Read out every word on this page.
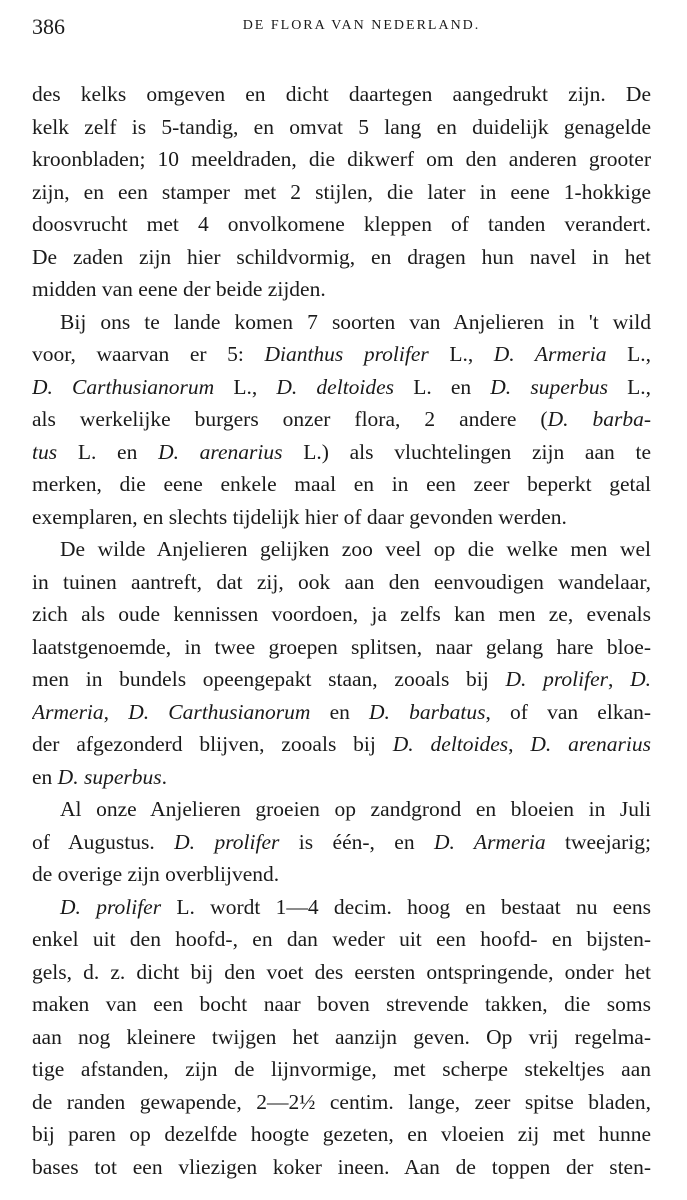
386	DE FLORA VAN NEDERLAND.
des kelks omgeven en dicht daartegen aangedrukt zijn. De
kelk zelf is 5-tandig, en omvat 5 lang en duidelijk genagelde
kroonbladen; 10 meeldraden, die dikwerf om den anderen grooter
zijn, en een stamper met 2 stijlen, die later in eene 1-hokkige
doosvrucht met 4 onvolkomene kleppen of tanden verandert.
De zaden zijn hier schildvormig, en dragen hun navel in het
midden van eene der beide zijden.
Bij ons te lande komen 7 soorten van Anjelieren in 't wild
voor, waarvan er 5: Dianthus prolifer L., D. Armeria L.,
D. Carthusianorum L., D. deltoides L. en D. superbus L.,
als werkelijke burgers onzer flora, 2 andere (D. barba-
tus L. en D. arenarius L.) als vluchtelingen zijn aan te
merken, die eene enkele maal en in een zeer beperkt getal
exemplaren, en slechts tijdelijk hier of daar gevonden werden.
De wilde Anjelieren gelijken zoo veel op die welke men wel
in tuinen aantreft, dat zij, ook aan den eenvoudigen wandelaar,
zich als oude kennissen voordoen, ja zelfs kan men ze, evenals
laatstgenoemde, in twee groepen splitsen, naar gelang hare bloe-
men in bundels opeengepakt staan, zooals bij D. prolifer, D.
Armeria, D. Carthusianorum en D. barbatus, of van elkan-
der afgezonderd blijven, zooals bij D. deltoides, D. arenarius
en D. superbus.
Al onze Anjelieren groeien op zandgrond en bloeien in Juli
of Augustus. D. prolifer is één-, en D. Armeria tweejarig;
de overige zijn overblijvend.
D. prolifer L. wordt 1—4 decim. hoog en bestaat nu eens
enkel uit den hoofd-, en dan weder uit een hoofd- en bijsten-
gels, d. z. dicht bij den voet des eersten ontspringende, onder het
maken van een bocht naar boven strevende takken, die soms
aan nog kleinere twijgen het aanzijn geven. Op vrij regelma-
tige afstanden, zijn de lijnvormige, met scherpe stekeltjes aan
de randen gewapende, 2—2½ centim. lange, zeer spitse bladen,
bij paren op dezelfde hoogte gezeten, en vloeien zij met hunne
bases tot een vliezigen koker ineen. Aan de toppen der sten-
